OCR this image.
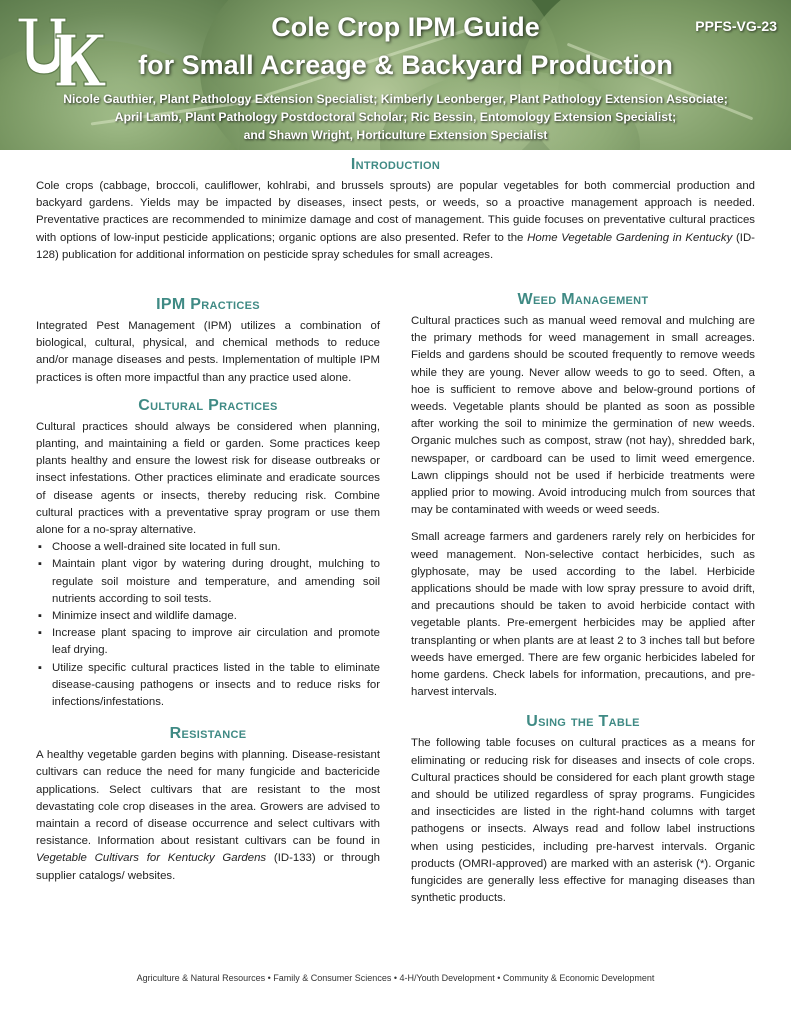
PPFS-VG-23
Cole Crop IPM Guide
for Small Acreage & Backyard Production
Nicole Gauthier, Plant Pathology Extension Specialist; Kimberly Leonberger, Plant Pathology Extension Associate;
April Lamb, Plant Pathology Postdoctoral Scholar; Ric Bessin, Entomology Extension Specialist;
and Shawn Wright, Horticulture Extension Specialist
Introduction

Cole crops (cabbage, broccoli, cauliflower, kohlrabi, and brussels sprouts) are popular vegetables for both commercial production and backyard gardens. Yields may be impacted by diseases, insect pests, or weeds, so a proactive management approach is needed. Preventative practices are recommended to minimize damage and cost of management. This guide focuses on preventative cultural practices with options of low-input pesticide applications; organic options are also presented. Refer to the Home Vegetable Gardening in Kentucky (ID-128) publication for additional information on pesticide spray schedules for small acreages.

IPM Practices

Integrated Pest Management (IPM) utilizes a combination of biological, cultural, physical, and chemical methods to reduce and/or manage diseases and pests. Implementation of multiple IPM practices is often more impactful than any practice used alone.

Cultural Practices

Cultural practices should always be considered when planning, planting, and maintaining a field or garden. Some practices keep plants healthy and ensure the lowest risk for disease outbreaks or insect infestations. Other practices eliminate and eradicate sources of disease agents or insects, thereby reducing risk. Combine cultural practices with a preventative spray program or use them alone for a no-spray alternative.

▪ Choose a well-drained site located in full sun.
▪ Maintain plant vigor by watering during drought, mulching to regulate soil moisture and temperature, and amending soil nutrients according to soil tests.
▪ Minimize insect and wildlife damage.
▪ Increase plant spacing to improve air circulation and promote leaf drying.
▪ Utilize specific cultural practices listed in the table to eliminate disease-causing pathogens or insects and to reduce risks for infections/infestations.
Resistance

A healthy vegetable garden begins with planning. Disease-resistant cultivars can reduce the need for many fungicide and bactericide applications. Select cultivars that are resistant to the most devastating cole crop diseases in the area. Growers are advised to maintain a record of disease occurrence and select cultivars with resistance. Information about resistant cultivars can be found in Vegetable Cultivars for Kentucky Gardens (ID-133) or through supplier catalogs/ websites.

Weed Management

Cultural practices such as manual weed removal and mulching are the primary methods for weed management in small acreages. Fields and gardens should be scouted frequently to remove weeds while they are young. Never allow weeds to go to seed. Often, a hoe is sufficient to remove above and below-ground portions of weeds. Vegetable plants should be planted as soon as possible after working the soil to minimize the germination of new weeds. Organic mulches such as compost, straw (not hay), shredded bark, newspaper, or cardboard can be used to limit weed emergence. Lawn clippings should not be used if herbicide treatments were applied prior to mowing. Avoid introducing mulch from sources that may be contaminated with weeds or weed seeds.

Small acreage farmers and gardeners rarely rely on herbicides for weed management. Non-selective contact herbicides, such as glyphosate, may be used according to the label. Herbicide applications should be made with low spray pressure to avoid drift, and precautions should be taken to avoid herbicide contact with vegetable plants. Pre-emergent herbicides may be applied after transplanting or when plants are at least 2 to 3 inches tall but before weeds have emerged. There are few organic herbicides labeled for home gardens. Check labels for information, precautions, and pre-harvest intervals.

Using the Table

The following table focuses on cultural practices as a means for eliminating or reducing risk for diseases and insects of cole crops. Cultural practices should be considered for each plant growth stage and should be utilized regardless of spray programs. Fungicides and insecticides are listed in the right-hand columns with target pathogens or insects. Always read and follow label instructions when using pesticides, including pre-harvest intervals. Organic products (OMRI-approved) are marked with an asterisk (*). Organic fungicides are generally less effective for managing diseases than synthetic products.

Agriculture & Natural Resources • Family & Consumer Sciences • 4-H/Youth Development • Community & Economic Development
